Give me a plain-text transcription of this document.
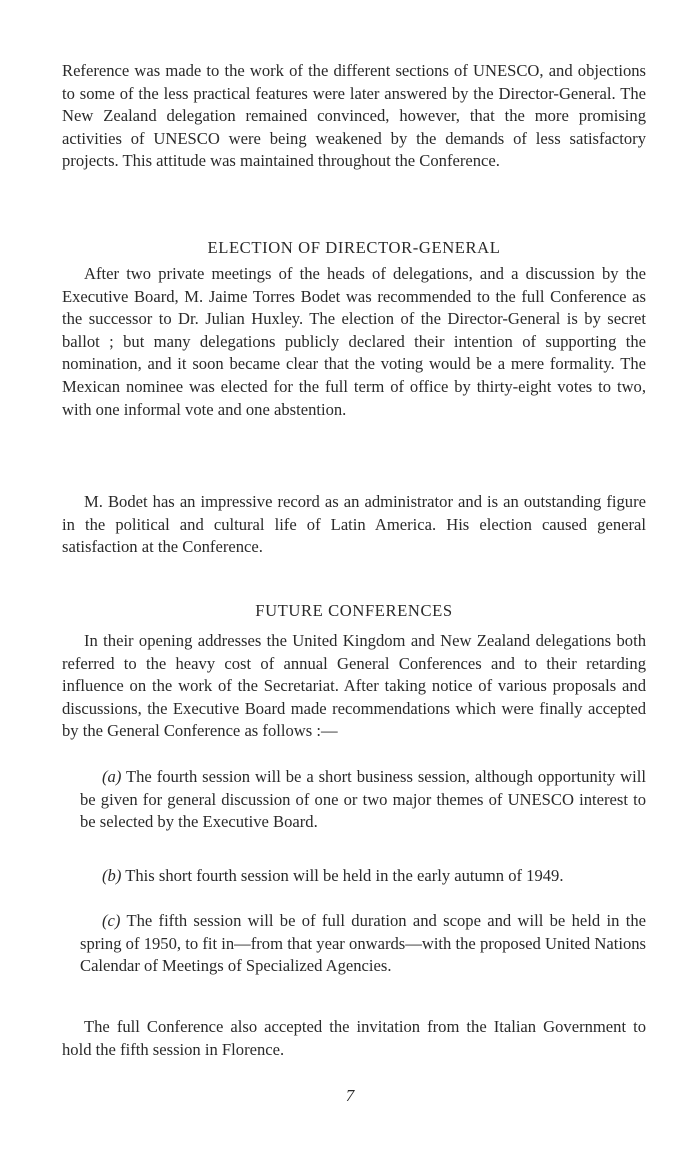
Reference was made to the work of the different sections of UNESCO, and objections to some of the less practical features were later answered by the Director-General. The New Zealand delegation remained convinced, however, that the more promising activities of UNESCO were being weakened by the demands of less satisfactory projects. This attitude was maintained throughout the Conference.

ELECTION OF DIRECTOR-GENERAL

After two private meetings of the heads of delegations, and a discussion by the Executive Board, M. Jaime Torres Bodet was recommended to the full Conference as the successor to Dr. Julian Huxley. The election of the Director-General is by secret ballot ; but many delegations publicly declared their intention of supporting the nomination, and it soon became clear that the voting would be a mere formality. The Mexican nominee was elected for the full term of office by thirty-eight votes to two, with one informal vote and one abstention.

M. Bodet has an impressive record as an administrator and is an outstanding figure in the political and cultural life of Latin America. His election caused general satisfaction at the Conference.

FUTURE CONFERENCES

In their opening addresses the United Kingdom and New Zealand delegations both referred to the heavy cost of annual General Conferences and to their retarding influence on the work of the Secretariat. After taking notice of various proposals and discussions, the Executive Board made recommendations which were finally accepted by the General Conference as follows :—

(a) The fourth session will be a short business session, although opportunity will be given for general discussion of one or two major themes of UNESCO interest to be selected by the Executive Board.

(b) This short fourth session will be held in the early autumn of 1949.

(c) The fifth session will be of full duration and scope and will be held in the spring of 1950, to fit in—from that year onwards—with the proposed United Nations Calendar of Meetings of Specialized Agencies.

The full Conference also accepted the invitation from the Italian Government to hold the fifth session in Florence.

7
